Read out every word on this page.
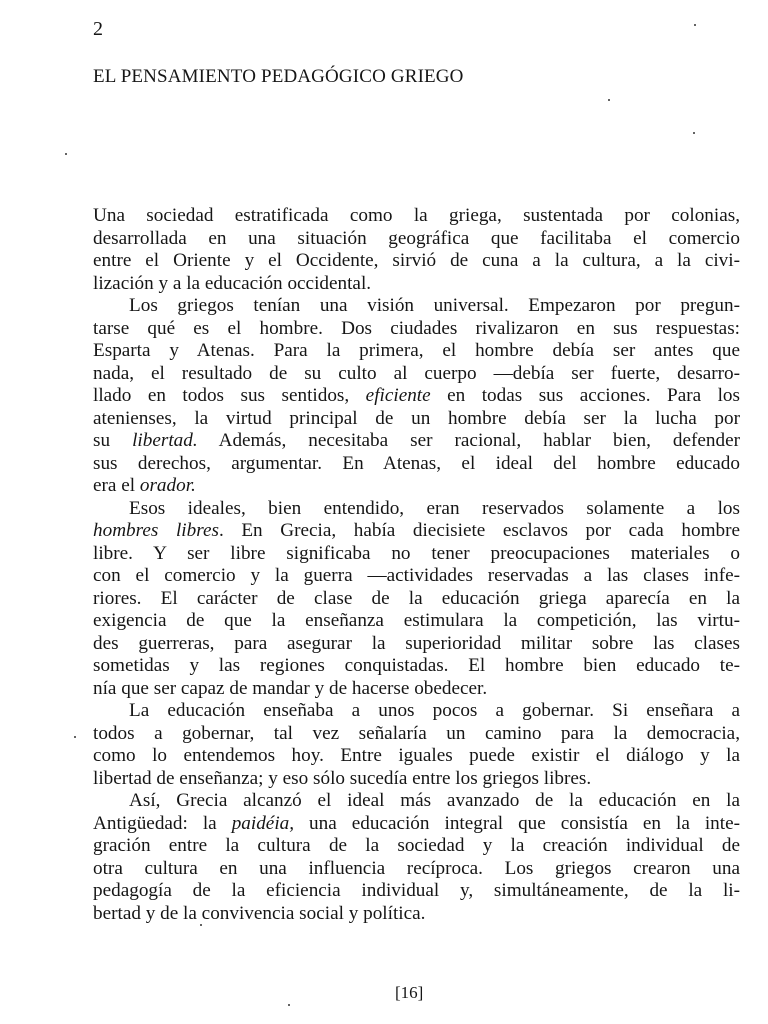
2
EL PENSAMIENTO PEDAGÓGICO GRIEGO
Una sociedad estratificada como la griega, sustentada por colonias,
desarrollada en una situación geográfica que facilitaba el comercio
entre el Oriente y el Occidente, sirvió de cuna a la cultura, a la civi-
lización y a la educación occidental.
Los griegos tenían una visión universal. Empezaron por pregun-
tarse qué es el hombre. Dos ciudades rivalizaron en sus respuestas:
Esparta y Atenas. Para la primera, el hombre debía ser antes que
nada, el resultado de su culto al cuerpo —debía ser fuerte, desarro-
llado en todos sus sentidos, eficiente en todas sus acciones. Para los
atenienses, la virtud principal de un hombre debía ser la lucha por
su libertad. Además, necesitaba ser racional, hablar bien, defender
sus derechos, argumentar. En Atenas, el ideal del hombre educado
era el orador.
Esos ideales, bien entendido, eran reservados solamente a los
hombres libres. En Grecia, había diecisiete esclavos por cada hombre
libre. Y ser libre significaba no tener preocupaciones materiales o
con el comercio y la guerra —actividades reservadas a las clases infe-
riores. El carácter de clase de la educación griega aparecía en la
exigencia de que la enseñanza estimulara la competición, las virtu-
des guerreras, para asegurar la superioridad militar sobre las clases
sometidas y las regiones conquistadas. El hombre bien educado te-
nía que ser capaz de mandar y de hacerse obedecer.
La educación enseñaba a unos pocos a gobernar. Si enseñara a
todos a gobernar, tal vez señalaría un camino para la democracia,
como lo entendemos hoy. Entre iguales puede existir el diálogo y la
libertad de enseñanza; y eso sólo sucedía entre los griegos libres.
Así, Grecia alcanzó el ideal más avanzado de la educación en la
Antigüedad: la paidéia, una educación integral que consistía en la inte-
gración entre la cultura de la sociedad y la creación individual de
otra cultura en una influencia recíproca. Los griegos crearon una
pedagogía de la eficiencia individual y, simultáneamente, de la li-
bertad y de la convivencia social y política.
[16]
